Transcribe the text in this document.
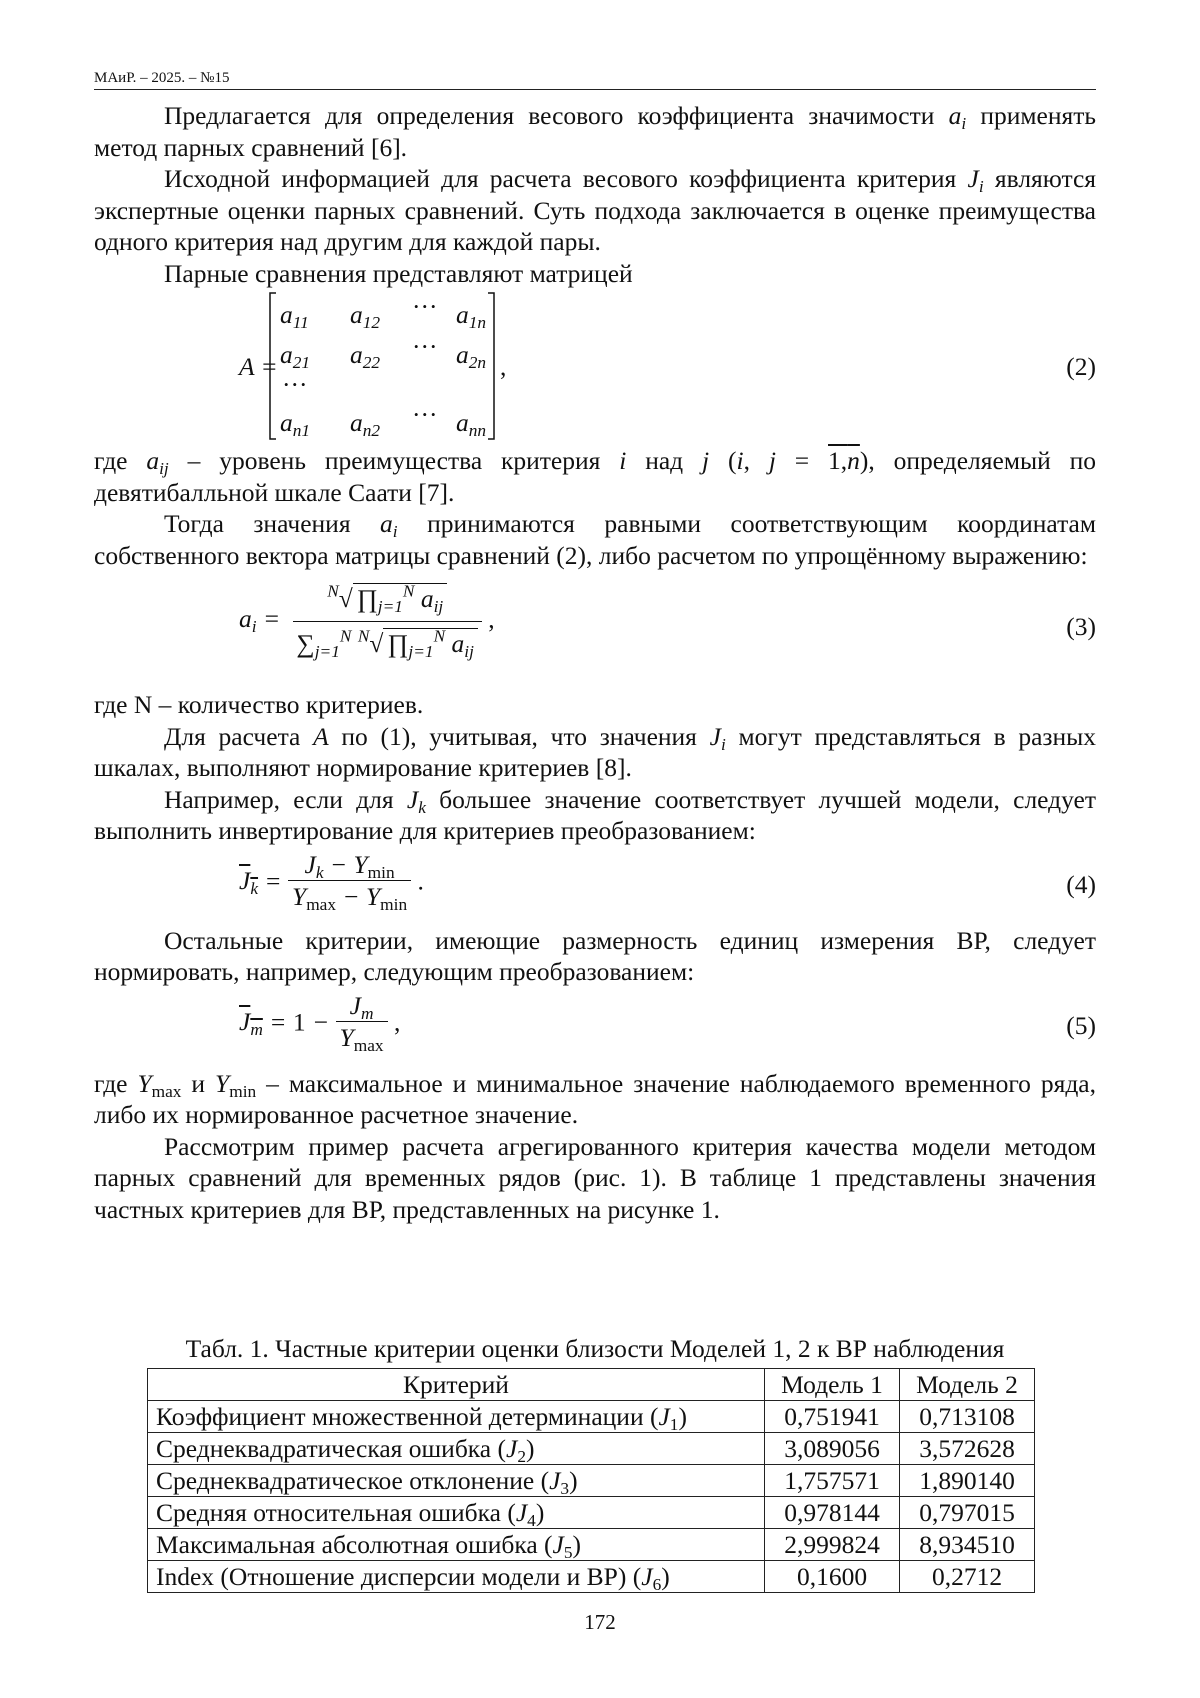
МАиР. – 2025. – №15

Предлагается для определения весового коэффициента значимости ai применять метод парных сравнений [6].

Исходной информацией для расчета весового коэффициента критерия Ji являются экспертные оценки парных сравнений. Суть подхода заключается в оценке преимущества одного критерия над другим для каждой пары.

Парные сравнения представляют матрицей

A =
a11 a12
··· a1n
a21 a22
··· a2n
···
an1 an2
··· ann
,	(2)

где aij – уровень преимущества критерия i над j (i, j = 1,n), определяемый по девятибалльной шкале Саати [7].

Тогда значения ai принимаются равными соответствующим координатам собственного вектора матрицы сравнений (2), либо расчетом по упрощённому выражению:

ai =
N√ ∏j=1N aij
∑j=1N N√ ∏j=1N aij
,	(3)

где N – количество критериев.

Для расчета A по (1), учитывая, что значения Ji могут представляться в разных шкалах, выполняют нормирование критериев [8].

Например, если для Jk большее значение соответствует лучшей модели, следует выполнить инвертирование для критериев преобразованием:

Jk =
Jk − Ymin
Ymax − Ymin
.	(4)

Остальные критерии, имеющие размерность единиц измерения ВР, следует нормировать, например, следующим преобразованием:

Jm = 1 −
Jm
Ymax
,	(5)

где Ymax и Ymin – максимальное и минимальное значение наблюдаемого временного ряда, либо их нормированное расчетное значение.

Рассмотрим пример расчета агрегированного критерия качества модели методом парных сравнений для временных рядов (рис. 1). В таблице 1 представлены значения частных критериев для ВР, представленных на рисунке 1.

Табл. 1. Частные критерии оценки близости Моделей 1, 2 к ВР наблюдения
Критерий	Модель 1	Модель 2
Коэффициент множественной детерминации (J1)	0,751941	0,713108
Среднеквадратическая ошибка (J2)	3,089056	3,572628
Среднеквадратическое отклонение (J3)	1,757571	1,890140
Средняя относительная ошибка (J4)	0,978144	0,797015
Максимальная абсолютная ошибка (J5)	2,999824	8,934510
Index (Отношение дисперсии модели и ВР) (J6)	0,1600	0,2712
172
